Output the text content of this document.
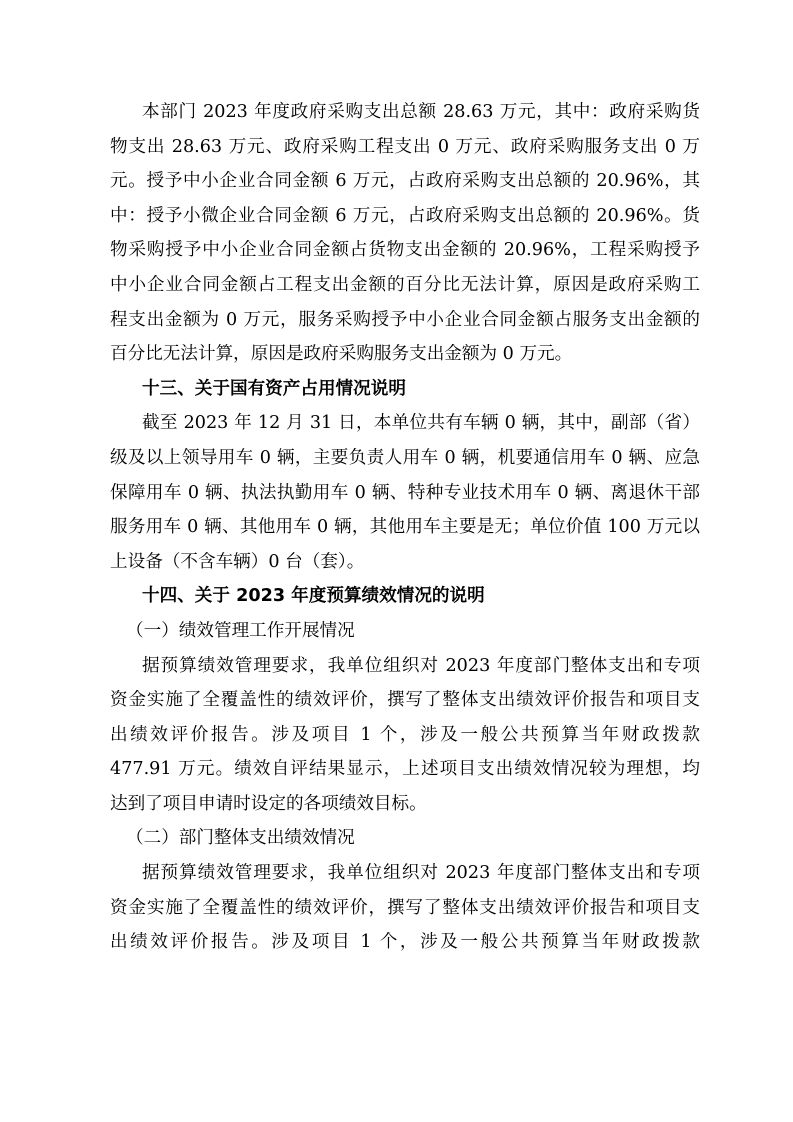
本部门 2023 年度政府采购支出总额 28.63 万元，其中：政府采购货
物支出 28.63 万元、政府采购工程支出 0 万元、政府采购服务支出 0 万
元。授予中小企业合同金额 6 万元，占政府采购支出总额的 20.96%，其
中：授予小微企业合同金额 6 万元，占政府采购支出总额的 20.96%。货
物采购授予中小企业合同金额占货物支出金额的 20.96%，工程采购授予
中小企业合同金额占工程支出金额的百分比无法计算，原因是政府采购工
程支出金额为 0 万元，服务采购授予中小企业合同金额占服务支出金额的
百分比无法计算，原因是政府采购服务支出金额为 0 万元。
十三、关于国有资产占用情况说明
截至 2023 年 12 月 31 日，本单位共有车辆 0 辆，其中，副部（省）
级及以上领导用车 0 辆，主要负责人用车 0 辆，机要通信用车 0 辆、应急
保障用车 0 辆、执法执勤用车 0 辆、特种专业技术用车 0 辆、离退休干部
服务用车 0 辆、其他用车 0 辆，其他用车主要是无；单位价值 100 万元以
上设备（不含车辆）0 台（套）。
十四、关于 2023 年度预算绩效情况的说明
（一）绩效管理工作开展情况
据预算绩效管理要求，我单位组织对 2023 年度部门整体支出和专项
资金实施了全覆盖性的绩效评价，撰写了整体支出绩效评价报告和项目支
出绩效评价报告。涉及项目 1 个，涉及一般公共预算当年财政拨款
477.91 万元。绩效自评结果显示，上述项目支出绩效情况较为理想，均
达到了项目申请时设定的各项绩效目标。
（二）部门整体支出绩效情况
据预算绩效管理要求，我单位组织对 2023 年度部门整体支出和专项
资金实施了全覆盖性的绩效评价，撰写了整体支出绩效评价报告和项目支
出绩效评价报告。涉及项目 1 个，涉及一般公共预算当年财政拨款
